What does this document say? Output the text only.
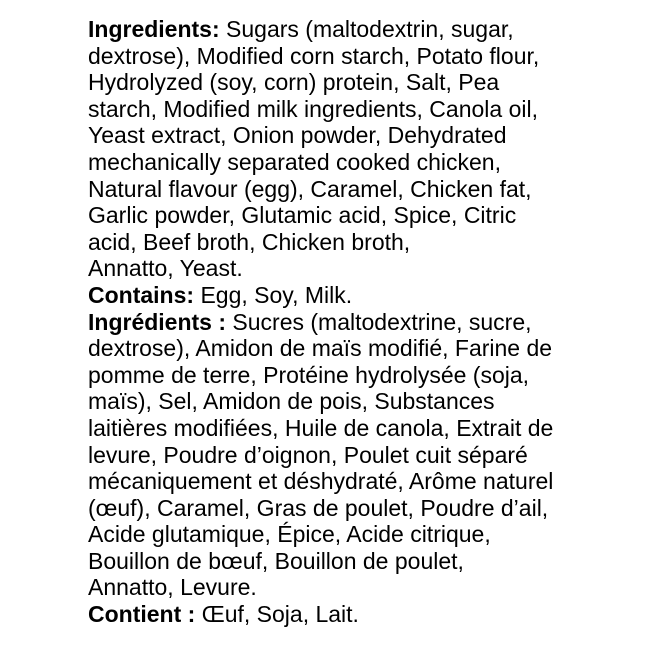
Ingredients: Sugars (maltodextrin, sugar,
dextrose), Modified corn starch, Potato flour,
Hydrolyzed (soy, corn) protein, Salt, Pea
starch, Modified milk ingredients, Canola oil,
Yeast extract, Onion powder, Dehydrated
mechanically separated cooked chicken,
Natural flavour (egg), Caramel, Chicken fat,
Garlic powder, Glutamic acid, Spice, Citric
acid, Beef broth, Chicken broth,
Annatto, Yeast.
Contains: Egg, Soy, Milk.
Ingrédients : Sucres (maltodextrine, sucre,
dextrose), Amidon de maïs modifié, Farine de
pomme de terre, Protéine hydrolysée (soja,
maïs), Sel, Amidon de pois, Substances
laitières modifiées, Huile de canola, Extrait de
levure, Poudre d’oignon, Poulet cuit séparé
mécaniquement et déshydraté, Arôme naturel
(œuf), Caramel, Gras de poulet, Poudre d’ail,
Acide glutamique, Épice, Acide citrique,
Bouillon de bœuf, Bouillon de poulet,
Annatto, Levure.
Contient : Œuf, Soja, Lait.
